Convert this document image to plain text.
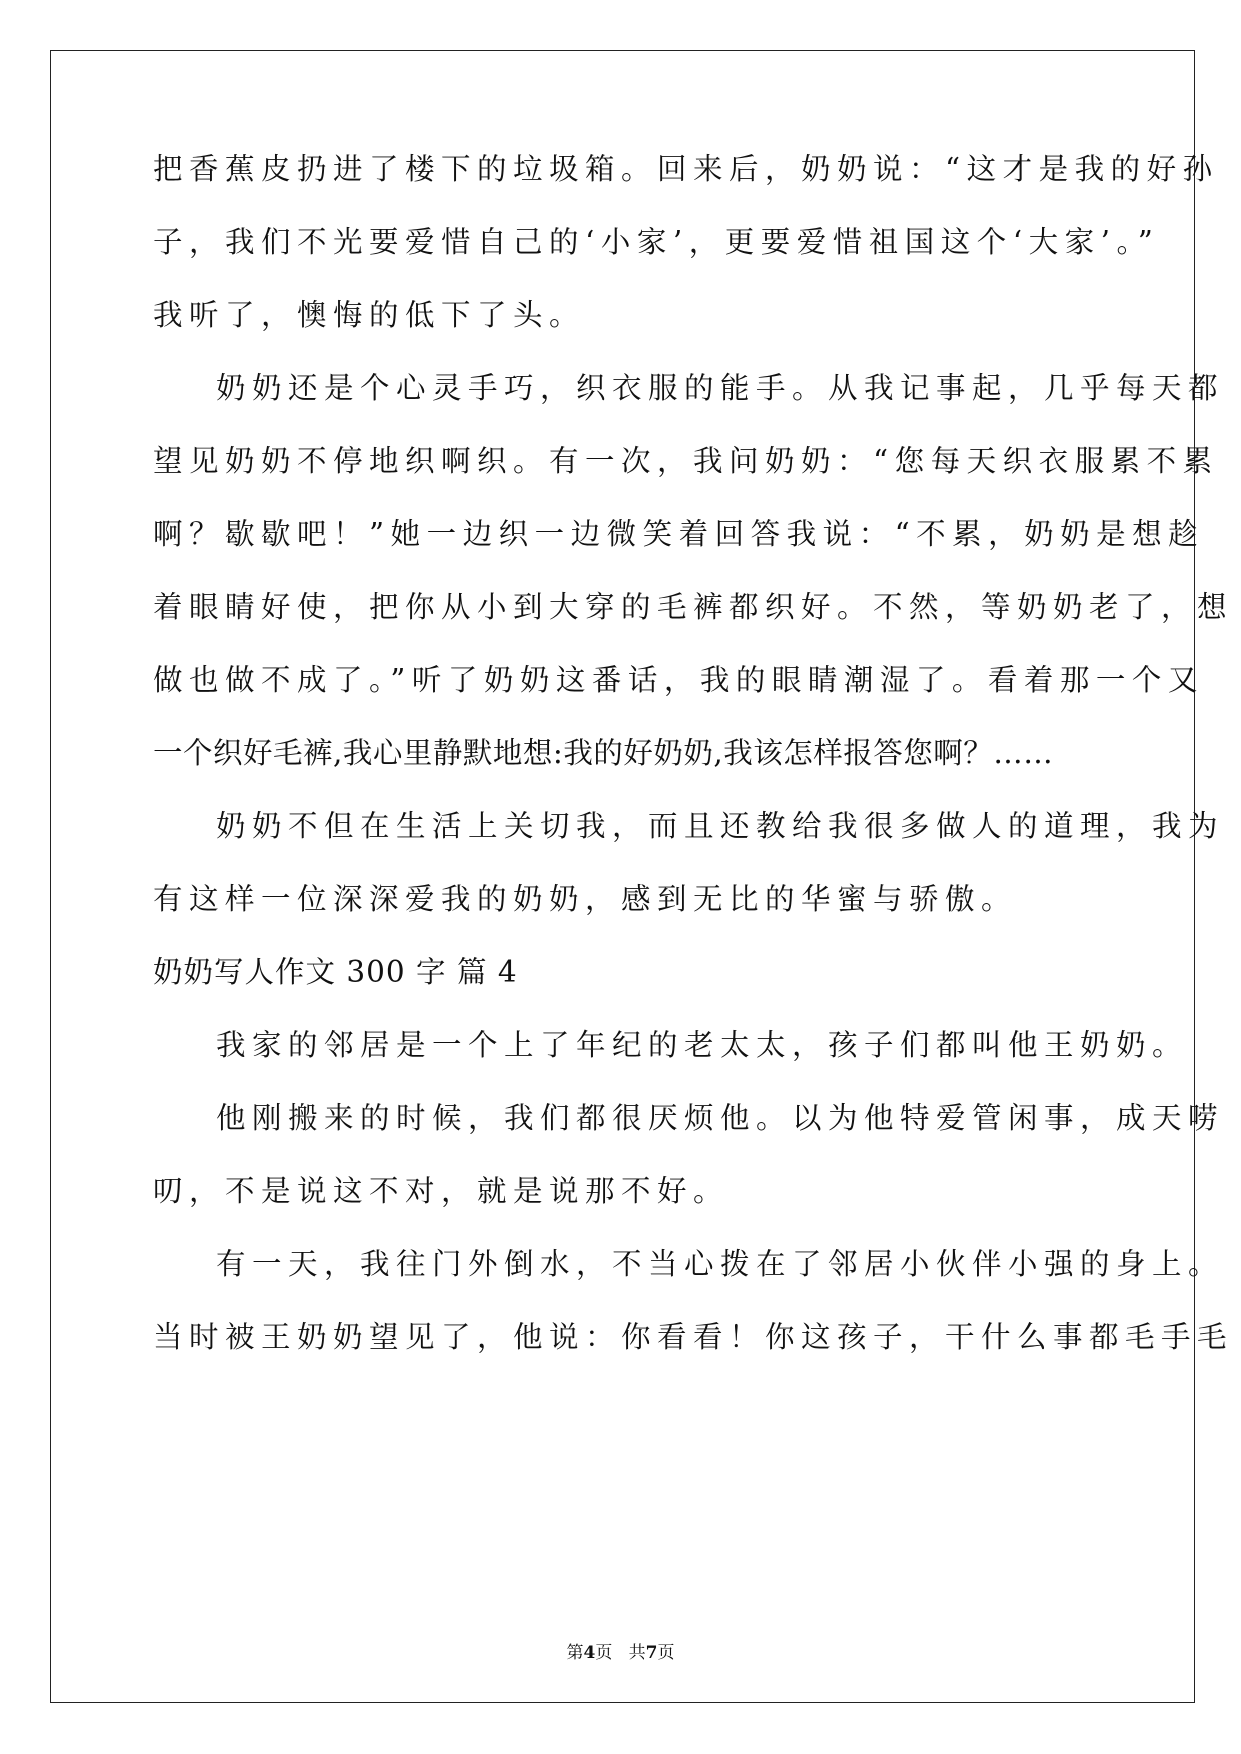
把香蕉皮扔进了楼下的垃圾箱。回来后，奶奶说：“这才是我的好孙
子，我们不光要爱惜自己的‘小家’，更要爱惜祖国这个‘大家’。”
我听了，懊悔的低下了头。
奶奶还是个心灵手巧，织衣服的能手。从我记事起，几乎每天都
望见奶奶不停地织啊织。有一次，我问奶奶：“您每天织衣服累不累
啊？歇歇吧！”她一边织一边微笑着回答我说：“不累，奶奶是想趁
着眼睛好使，把你从小到大穿的毛裤都织好。不然，等奶奶老了，想
做也做不成了。”听了奶奶这番话，我的眼睛潮湿了。看着那一个又
一个织好毛裤,我心里静默地想:我的好奶奶,我该怎样报答您啊？……
奶奶不但在生活上关切我，而且还教给我很多做人的道理，我为
有这样一位深深爱我的奶奶，感到无比的华蜜与骄傲。
奶奶写人作文 300 字 篇 4
我家的邻居是一个上了年纪的老太太，孩子们都叫他王奶奶。
他刚搬来的时候，我们都很厌烦他。以为他特爱管闲事，成天唠
叨，不是说这不对，就是说那不好。
有一天，我往门外倒水，不当心拨在了邻居小伙伴小强的身上。
当时被王奶奶望见了，他说：你看看！你这孩子，干什么事都毛手毛
第4页   共7页
